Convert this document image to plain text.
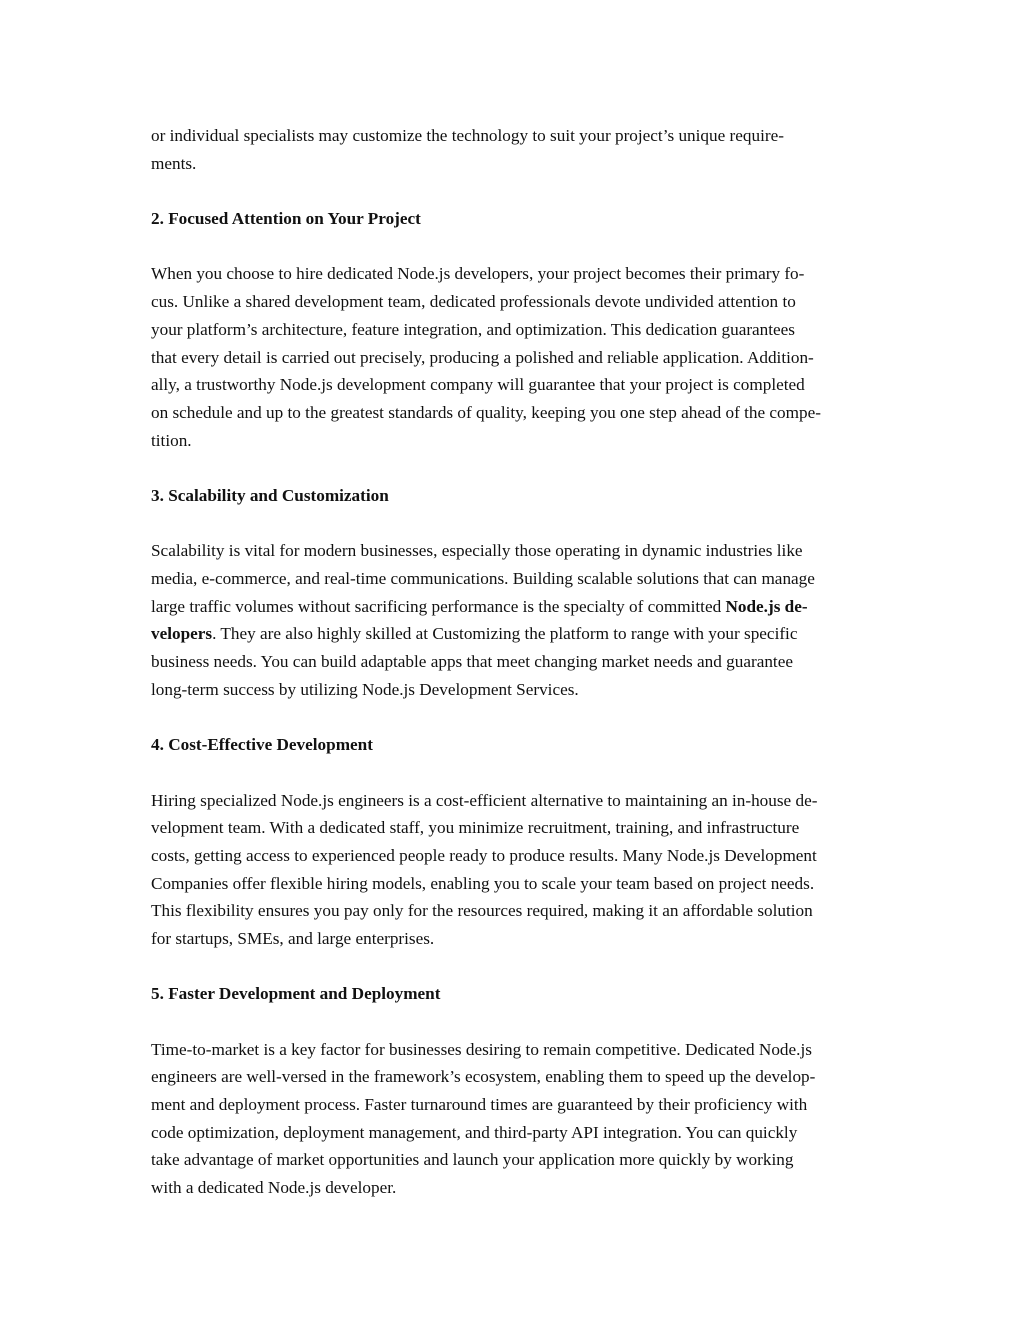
or individual specialists may customize the technology to suit your project’s unique require-
ments.
2. Focused Attention on Your Project
When you choose to hire dedicated Node.js developers, your project becomes their primary fo-
cus. Unlike a shared development team, dedicated professionals devote undivided attention to
your platform’s architecture, feature integration, and optimization. This dedication guarantees
that every detail is carried out precisely, producing a polished and reliable application. Addition-
ally, a trustworthy Node.js development company will guarantee that your project is completed
on schedule and up to the greatest standards of quality, keeping you one step ahead of the compe-
tition.
3. Scalability and Customization
Scalability is vital for modern businesses, especially those operating in dynamic industries like
media, e-commerce, and real-time communications. Building scalable solutions that can manage
large traffic volumes without sacrificing performance is the specialty of committed Node.js de-
velopers. They are also highly skilled at Customizing the platform to range with your specific
business needs. You can build adaptable apps that meet changing market needs and guarantee
long-term success by utilizing Node.js Development Services.
4. Cost-Effective Development
Hiring specialized Node.js engineers is a cost-efficient alternative to maintaining an in-house de-
velopment team. With a dedicated staff, you minimize recruitment, training, and infrastructure
costs, getting access to experienced people ready to produce results. Many Node.js Development
Companies offer flexible hiring models, enabling you to scale your team based on project needs.
This flexibility ensures you pay only for the resources required, making it an affordable solution
for startups, SMEs, and large enterprises.
5. Faster Development and Deployment
Time-to-market is a key factor for businesses desiring to remain competitive. Dedicated Node.js
engineers are well-versed in the framework’s ecosystem, enabling them to speed up the develop-
ment and deployment process. Faster turnaround times are guaranteed by their proficiency with
code optimization, deployment management, and third-party API integration. You can quickly
take advantage of market opportunities and launch your application more quickly by working
with a dedicated Node.js developer.
